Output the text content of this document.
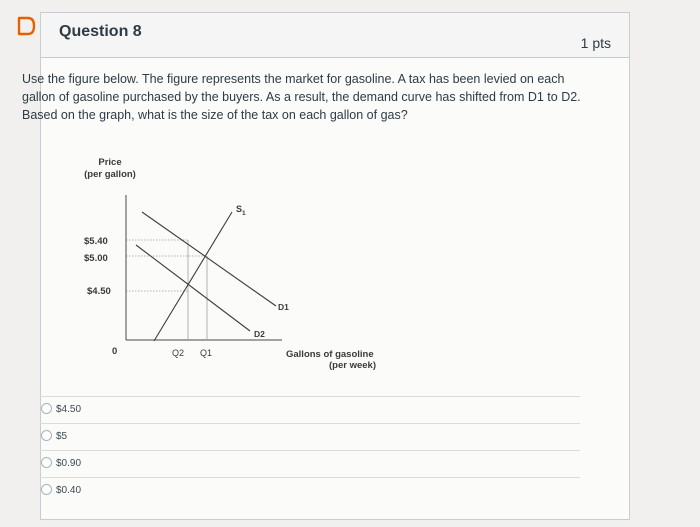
Question 8
1 pts
Use the figure below. The figure represents the market for gasoline. A tax has been levied on each
gallon of gasoline purchased by the buyers. As a result, the demand curve has shifted from D1 to D2.
Based on the graph, what is the size of the tax on each gallon of gas?
Price
(per gallon)
$5.40
$5.00
$4.50
0	Q2 Q1	Gallons of gasoline
(per week)
$S_1$
D1
D2
$4.50
$5
$0.90
$0.40
